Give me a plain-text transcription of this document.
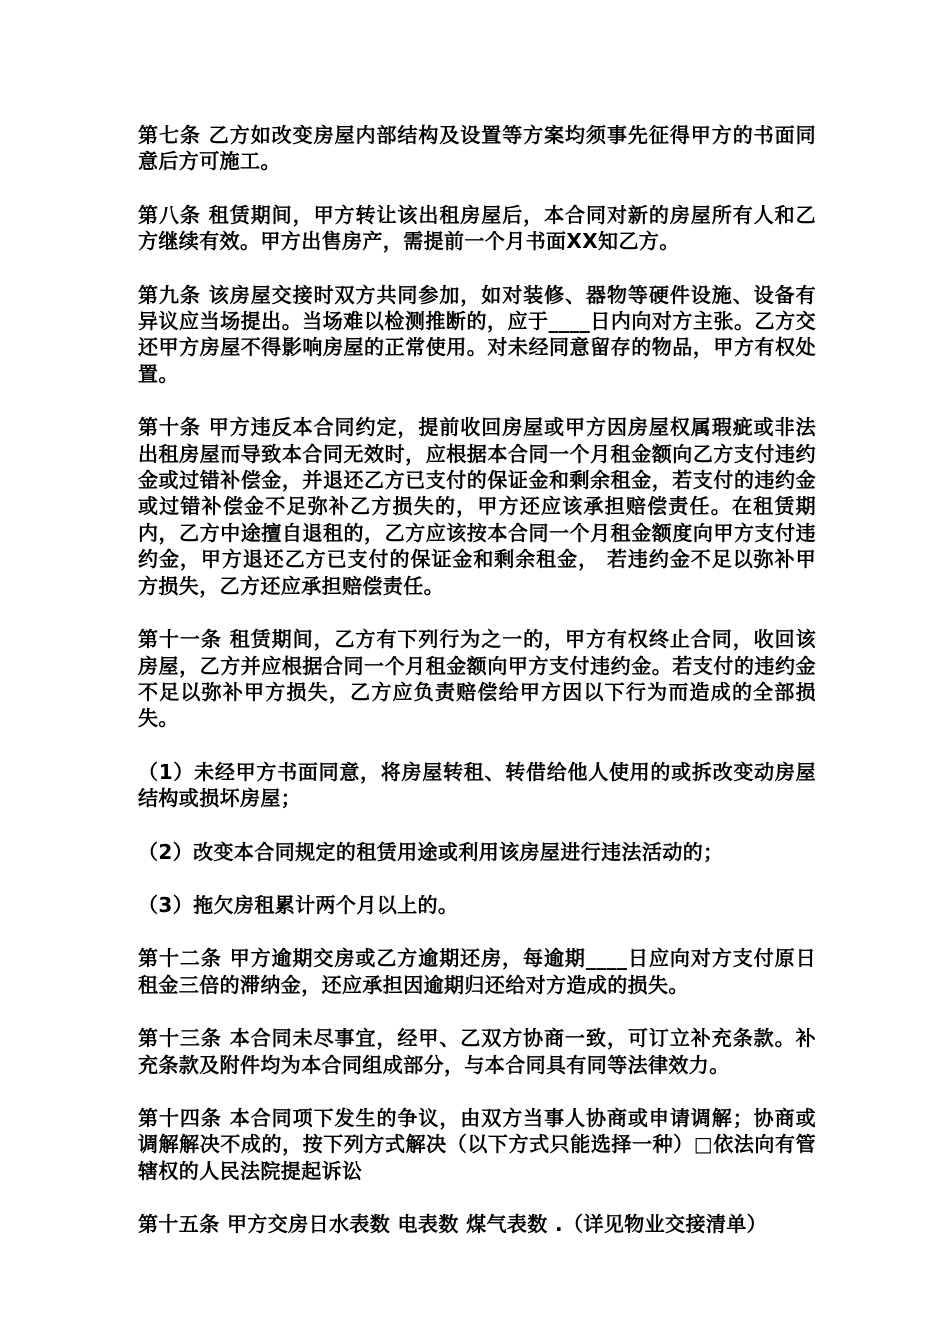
第七条 乙方如改变房屋内部结构及设置等方案均须事先征得甲方的书面同意后方可施工。

第八条 租赁期间，甲方转让该出租房屋后，本合同对新的房屋所有人和乙方继续有效。甲方出售房产，需提前一个月书面XX知乙方。

第九条 该房屋交接时双方共同参加，如对装修、器物等硬件设施、设备有异议应当场提出。当场难以检测推断的，应于____日内向对方主张。乙方交还甲方房屋不得影响房屋的正常使用。对未经同意留存的物品，甲方有权处置。

第十条 甲方违反本合同约定，提前收回房屋或甲方因房屋权属瑕疵或非法出租房屋而导致本合同无效时，应根据本合同一个月租金额向乙方支付违约金或过错补偿金，并退还乙方已支付的保证金和剩余租金，若支付的违约金或过错补偿金不足弥补乙方损失的，甲方还应该承担赔偿责任。在租赁期内，乙方中途擅自退租的，乙方应该按本合同一个月租金额度向甲方支付违约金，甲方退还乙方已支付的保证金和剩余租金， 若违约金不足以弥补甲方损失，乙方还应承担赔偿责任。

第十一条 租赁期间，乙方有下列行为之一的，甲方有权终止合同，收回该房屋，乙方并应根据合同一个月租金额向甲方支付违约金。若支付的违约金不足以弥补甲方损失，乙方应负责赔偿给甲方因以下行为而造成的全部损失。

（1）未经甲方书面同意，将房屋转租、转借给他人使用的或拆改变动房屋结构或损坏房屋；

（2）改变本合同规定的租赁用途或利用该房屋进行违法活动的；

（3）拖欠房租累计两个月以上的。

第十二条 甲方逾期交房或乙方逾期还房，每逾期____日应向对方支付原日租金三倍的滞纳金，还应承担因逾期归还给对方造成的损失。

第十三条 本合同未尽事宜，经甲、乙双方协商一致，可订立补充条款。补充条款及附件均为本合同组成部分，与本合同具有同等法律效力。

第十四条 本合同项下发生的争议，由双方当事人协商或申请调解；协商或调解解决不成的，按下列方式解决（以下方式只能选择一种）□依法向有管辖权的人民法院提起诉讼

第十五条 甲方交房日水表数 电表数 煤气表数 .（详见物业交接清单）
